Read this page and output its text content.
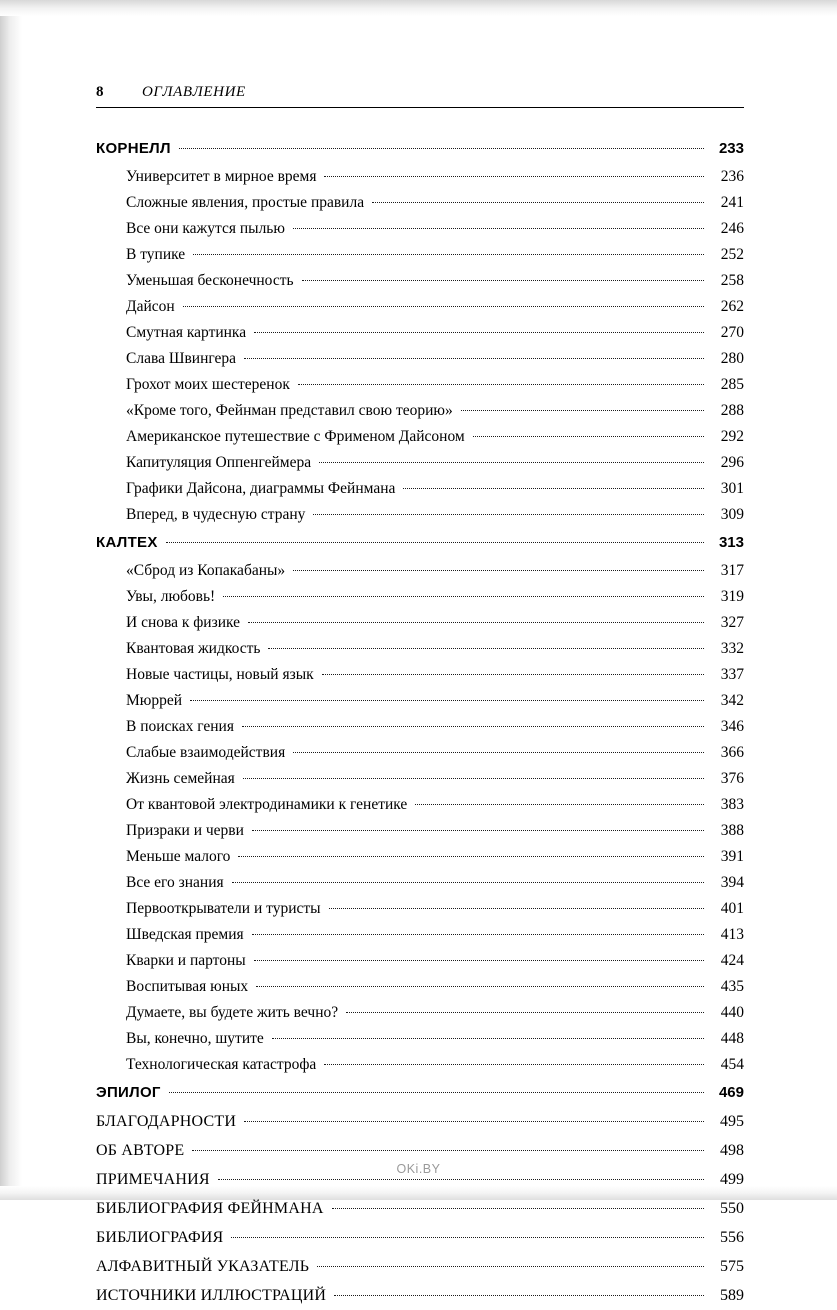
8	ОГЛАВЛЕНИЕ
КОРНЕЛЛ	233
Университет в мирное время	236
Сложные явления, простые правила	241
Все они кажутся пылью	246
В тупике	252
Уменьшая бесконечность	258
Дайсон	262
Смутная картинка	270
Слава Швингера	280
Грохот моих шестеренок	285
«Кроме того, Фейнман представил свою теорию»	288
Американское путешествие с Фрименом Дайсоном	292
Капитуляция Оппенгеймера	296
Графики Дайсона, диаграммы Фейнмана	301
Вперед, в чудесную страну	309
КАЛТЕХ	313
«Сброд из Копакабаны»	317
Увы, любовь!	319
И снова к физике	327
Квантовая жидкость	332
Новые частицы, новый язык	337
Мюррей	342
В поисках гения	346
Слабые взаимодействия	366
Жизнь семейная	376
От квантовой электродинамики к генетике	383
Призраки и черви	388
Меньше малого	391
Все его знания	394
Первооткрыватели и туристы	401
Шведская премия	413
Кварки и партоны	424
Воспитывая юных	435
Думаете, вы будете жить вечно?	440
Вы, конечно, шутите	448
Технологическая катастрофа	454
ЭПИЛОГ	469
БЛАГОДАРНОСТИ	495
ОБ АВТОРЕ	498
ПРИМЕЧАНИЯ	499
БИБЛИОГРАФИЯ ФЕЙНМАНА	550
БИБЛИОГРАФИЯ	556
АЛФАВИТНЫЙ УКАЗАТЕЛЬ	575
ИСТОЧНИКИ ИЛЛЮСТРАЦИЙ	589
OKi.BY
